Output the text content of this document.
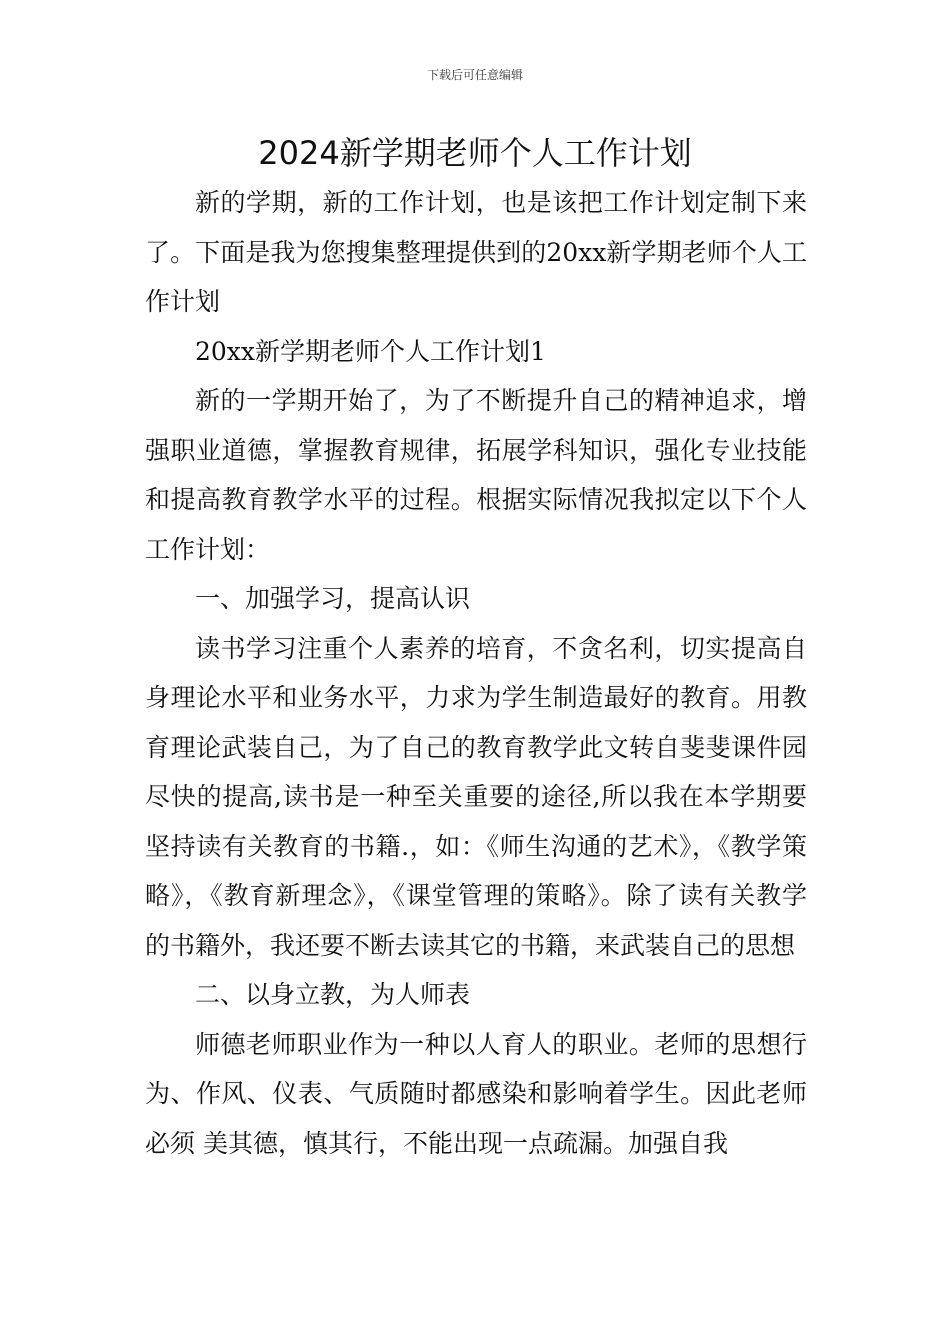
下载后可任意编辑
2024新学期老师个人工作计划

新的学期，新的工作计划，也是该把工作计划定制下来了。下面是我为您搜集整理提供到的20xx新学期老师个人工作计划

20xx新学期老师个人工作计划1

新的一学期开始了，为了不断提升自己的精神追求，增强职业道德，掌握教育规律，拓展学科知识，强化专业技能和提高教育教学水平的过程。根据实际情况我拟定以下个人工作计划：

一、加强学习，提高认识

读书学习注重个人素养的培育，不贪名利，切实提高自身理论水平和业务水平，力求为学生制造最好的教育。用教育理论武装自己，为了自己的教育教学此文转自斐斐课件园尽快的提高,读书是一种至关重要的途径,所以我在本学期要坚持读有关教育的书籍.，如：《师生沟通的艺术》，《教学策略》，《教育新理念》，《课堂管理的策略》。除了读有关教学的书籍外，我还要不断去读其它的书籍，来武装自己的思想

二、以身立教，为人师表

师德老师职业作为一种以人育人的职业。老师的思想行为、作风、仪表、气质随时都感染和影响着学生。因此老师必须 美其德，慎其行，不能出现一点疏漏。加强自我
